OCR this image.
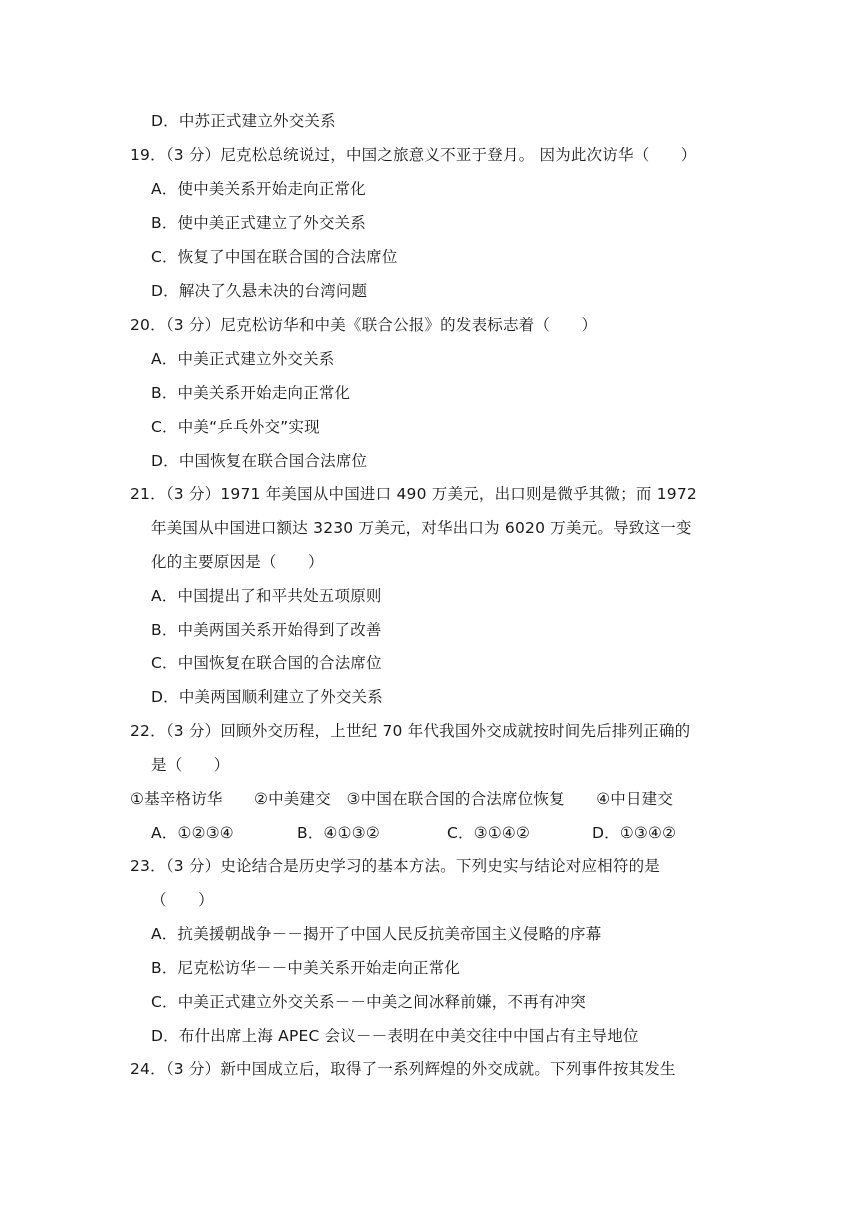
D．中苏正式建立外交关系
19．（3 分）尼克松总统说过，中国之旅意义不亚于登月。 因为此次访华（　　）
A．使中美关系开始走向正常化
B．使中美正式建立了外交关系
C．恢复了中国在联合国的合法席位
D．解决了久悬未决的台湾问题
20．（3 分）尼克松访华和中美《联合公报》的发表标志着（　　）
A．中美正式建立外交关系
B．中美关系开始走向正常化
C．中美“乒乓外交”实现
D．中国恢复在联合国合法席位
21．（3 分）1971 年美国从中国进口 490 万美元，出口则是微乎其微；而 1972
年美国从中国进口额达 3230 万美元，对华出口为 6020 万美元。导致这一变
化的主要原因是（　　）
A．中国提出了和平共处五项原则
B．中美两国关系开始得到了改善
C．中国恢复在联合国的合法席位
D．中美两国顺利建立了外交关系
22．（3 分）回顾外交历程，上世纪 70 年代我国外交成就按时间先后排列正确的
是（　　）
①基辛格访华　　②中美建交　③中国在联合国的合法席位恢复　　④中日建交
A．①②③④	B．④①③②	C．③①④②	D．①③④②
23．（3 分）史论结合是历史学习的基本方法。下列史实与结论对应相符的是
（　　）
A．抗美援朝战争－－揭开了中国人民反抗美帝国主义侵略的序幕
B．尼克松访华－－中美关系开始走向正常化
C．中美正式建立外交关系－－中美之间冰释前嫌，不再有冲突
D．布什出席上海 APEC 会议－－表明在中美交往中中国占有主导地位
24．（3 分）新中国成立后，取得了一系列辉煌的外交成就。下列事件按其发生
